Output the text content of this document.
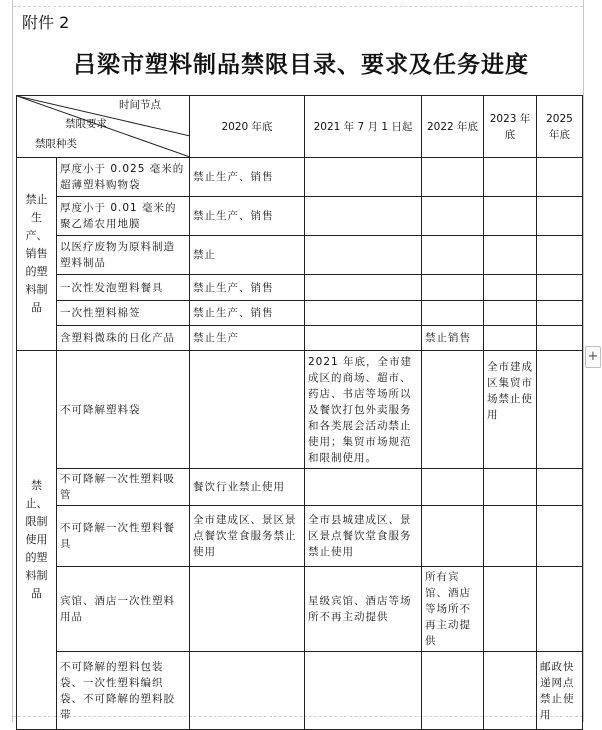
附件 2
吕梁市塑料制品禁限目录、要求及任务进度
+
时间节点
禁限要求
禁限种类		2020 年底	2021 年 7 月 1 日起	2022 年底	2023 年底	2025 年底
禁止生产、销售的塑料制品	厚度小于 0.025 毫米的超薄塑料购物袋	禁止生产、销售				
	厚度小于 0.01 毫米的聚乙烯农用地膜	禁止生产、销售				
	以医疗废物为原料制造塑料制品	禁止				
	一次性发泡塑料餐具	禁止生产、销售				
	一次性塑料棉签	禁止生产、销售				
	含塑料微珠的日化产品	禁止生产		禁止销售		
禁止、限制使用的塑料制品	不可降解塑料袋		2021 年底，全市建成区的商场、超市、药店、书店等场所以及餐饮打包外卖服务和各类展会活动禁止使用；集贸市场规范和限制使用。		全市建成区集贸市场禁止使用	
	不可降解一次性塑料吸管	餐饮行业禁止使用				
	不可降解一次性塑料餐具	全市建成区、景区景点餐饮堂食服务禁止使用	全市县城建成区、景区景点餐饮堂食服务禁止使用			
	宾馆、酒店一次性塑料用品		星级宾馆、酒店等场所不再主动提供	所有宾馆、酒店等场所不再主动提供		
	不可降解的塑料包装袋、一次性塑料编织袋、不可降解的塑料胶带					邮政快递网点禁止使用
